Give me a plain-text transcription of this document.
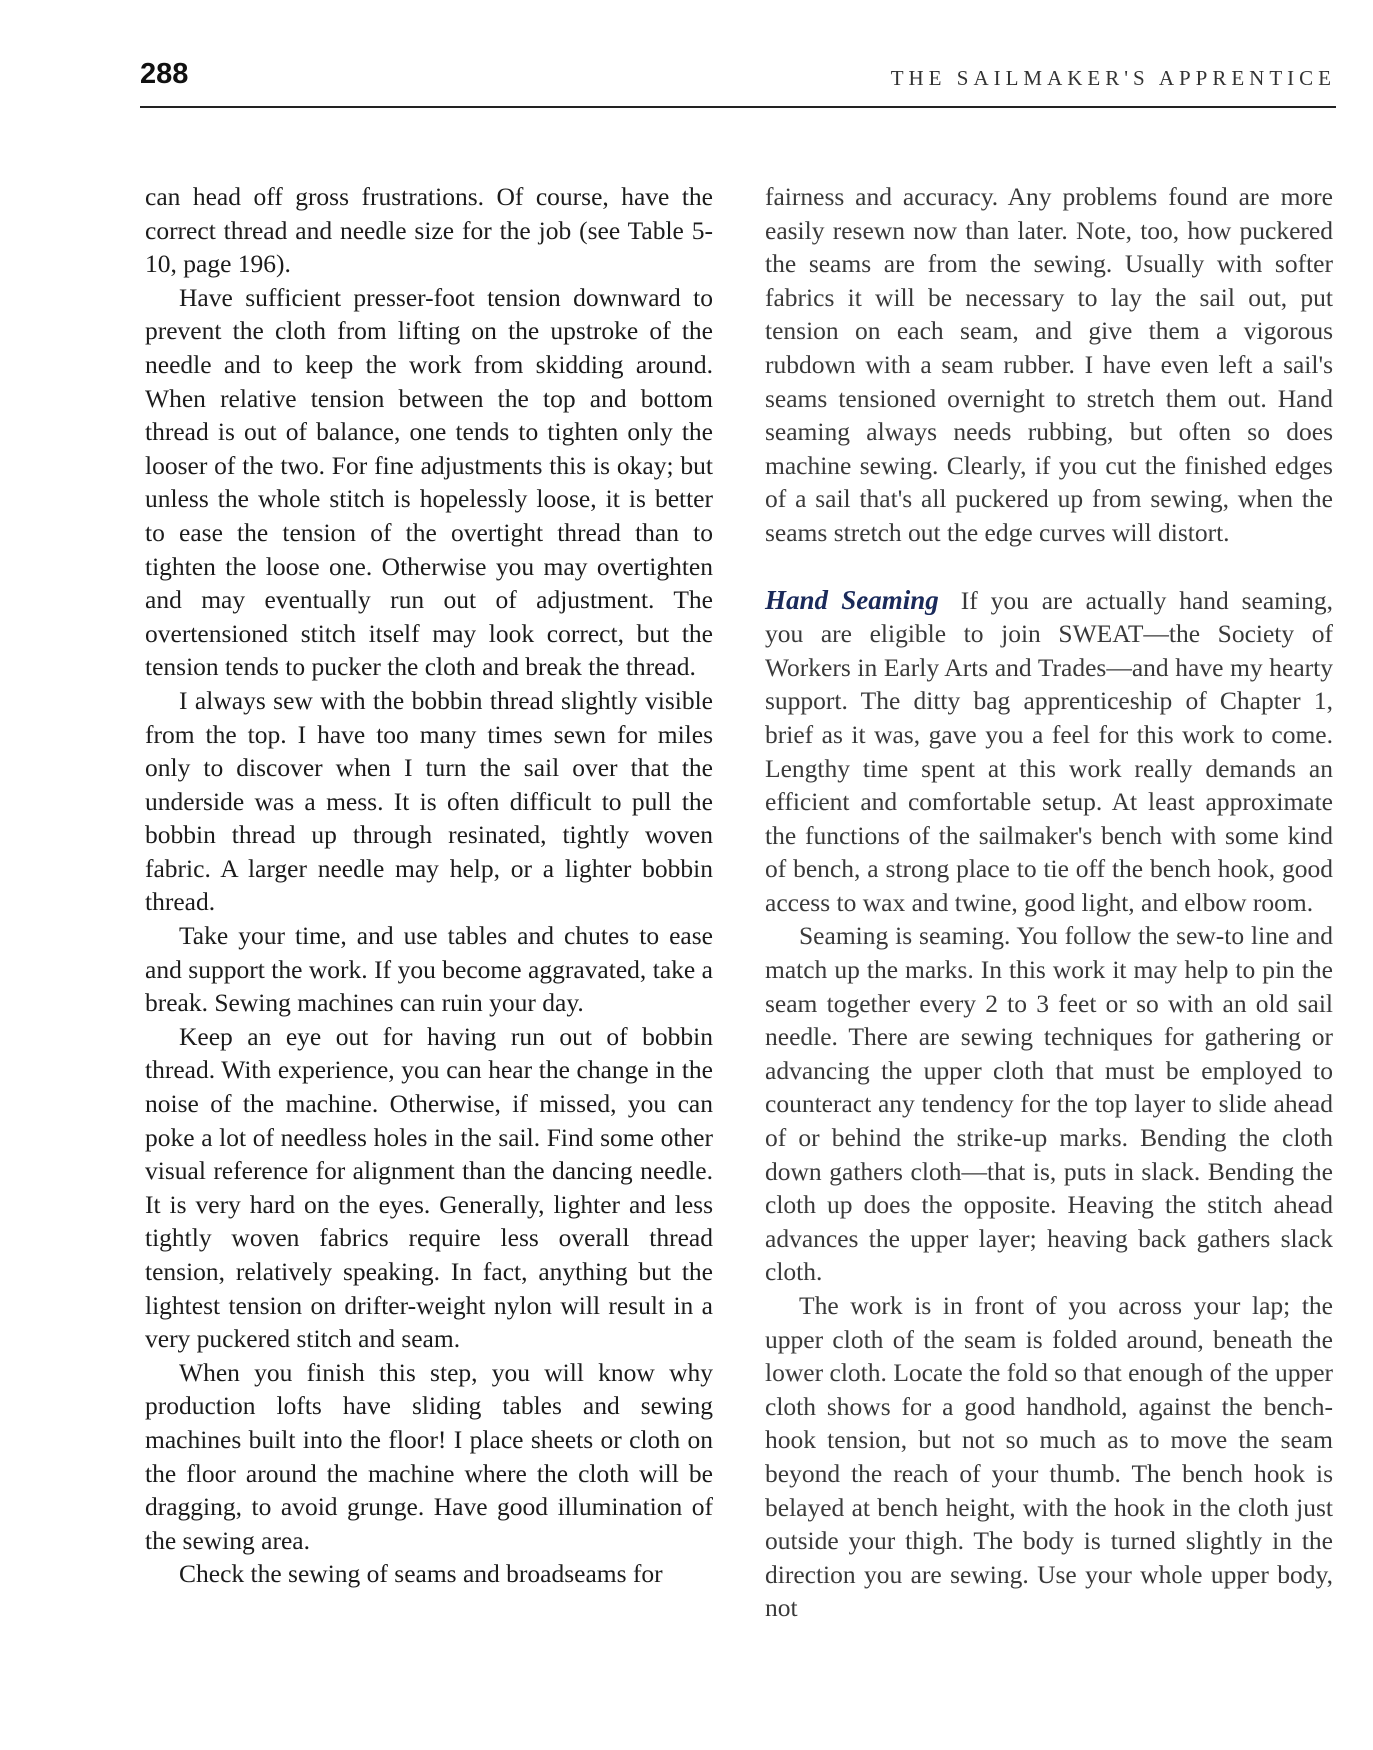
288	THE SAILMAKER'S APPRENTICE

can head off gross frustrations. Of course, have the correct thread and needle size for the job (see Table 5-10, page 196).

Have sufficient presser-foot tension downward to prevent the cloth from lifting on the upstroke of the needle and to keep the work from skidding around. When relative tension between the top and bottom thread is out of balance, one tends to tighten only the looser of the two. For fine adjustments this is okay; but unless the whole stitch is hopelessly loose, it is better to ease the tension of the overtight thread than to tighten the loose one. Otherwise you may overtighten and may eventually run out of adjustment. The overtensioned stitch itself may look correct, but the tension tends to pucker the cloth and break the thread.

I always sew with the bobbin thread slightly visible from the top. I have too many times sewn for miles only to discover when I turn the sail over that the underside was a mess. It is often difficult to pull the bobbin thread up through resinated, tightly woven fabric. A larger needle may help, or a lighter bobbin thread.

Take your time, and use tables and chutes to ease and support the work. If you become aggravated, take a break. Sewing machines can ruin your day.

Keep an eye out for having run out of bobbin thread. With experience, you can hear the change in the noise of the machine. Otherwise, if missed, you can poke a lot of needless holes in the sail. Find some other visual reference for alignment than the dancing needle. It is very hard on the eyes. Generally, lighter and less tightly woven fabrics require less overall thread tension, relatively speaking. In fact, anything but the lightest tension on drifter-weight nylon will result in a very puckered stitch and seam.

When you finish this step, you will know why production lofts have sliding tables and sewing machines built into the floor! I place sheets or cloth on the floor around the machine where the cloth will be dragging, to avoid grunge. Have good illumination of the sewing area.

Check the sewing of seams and broadseams for

fairness and accuracy. Any problems found are more easily resewn now than later. Note, too, how puckered the seams are from the sewing. Usually with softer fabrics it will be necessary to lay the sail out, put tension on each seam, and give them a vigorous rubdown with a seam rubber. I have even left a sail's seams tensioned overnight to stretch them out. Hand seaming always needs rubbing, but often so does machine sewing. Clearly, if you cut the finished edges of a sail that's all puckered up from sewing, when the seams stretch out the edge curves will distort.

Hand Seaming If you are actually hand seaming, you are eligible to join SWEAT—the Society of Workers in Early Arts and Trades—and have my hearty support. The ditty bag apprenticeship of Chapter 1, brief as it was, gave you a feel for this work to come. Lengthy time spent at this work really demands an efficient and comfortable setup. At least approximate the functions of the sailmaker's bench with some kind of bench, a strong place to tie off the bench hook, good access to wax and twine, good light, and elbow room.

Seaming is seaming. You follow the sew-to line and match up the marks. In this work it may help to pin the seam together every 2 to 3 feet or so with an old sail needle. There are sewing techniques for gathering or advancing the upper cloth that must be employed to counteract any tendency for the top layer to slide ahead of or behind the strike-up marks. Bending the cloth down gathers cloth—that is, puts in slack. Bending the cloth up does the opposite. Heaving the stitch ahead advances the upper layer; heaving back gathers slack cloth.

The work is in front of you across your lap; the upper cloth of the seam is folded around, beneath the lower cloth. Locate the fold so that enough of the upper cloth shows for a good handhold, against the bench-hook tension, but not so much as to move the seam beyond the reach of your thumb. The bench hook is belayed at bench height, with the hook in the cloth just outside your thigh. The body is turned slightly in the direction you are sewing. Use your whole upper body, not
